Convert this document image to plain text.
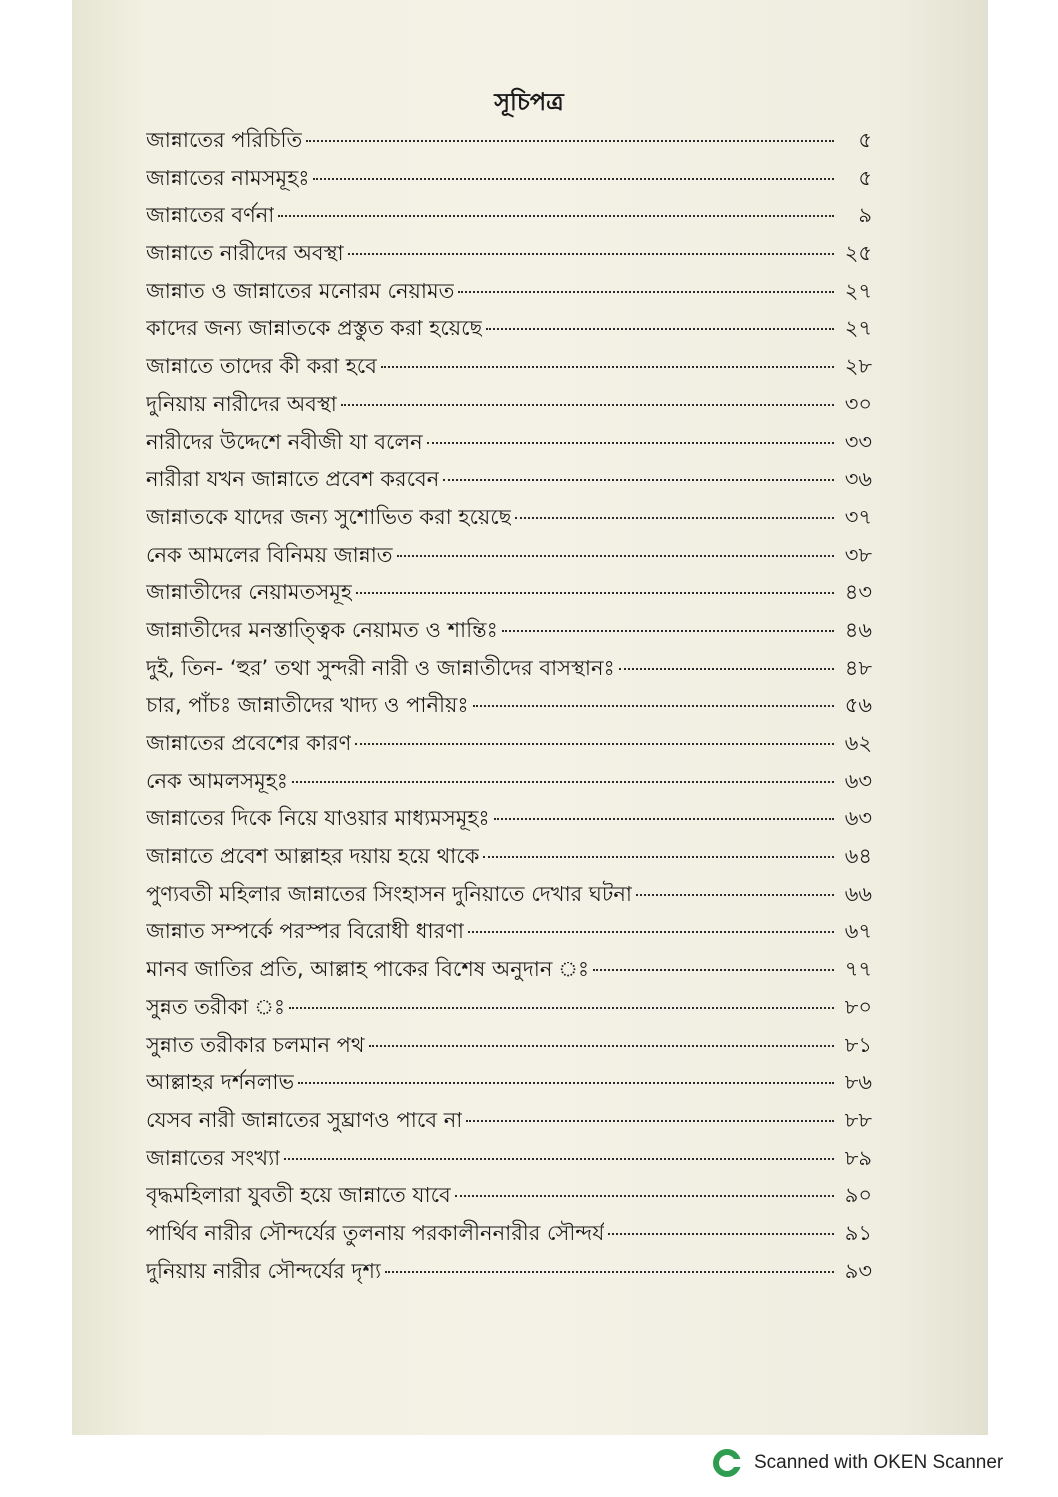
সূচিপত্র
জান্নাতের পরিচিতি	৫
জান্নাতের নামসমূহঃ	৫
জান্নাতের বর্ণনা	৯
জান্নাতে নারীদের অবস্থা	২৫
জান্নাত ও জান্নাতের মনোরম নেয়ামত	২৭
কাদের জন্য জান্নাতকে প্রস্তুত করা হয়েছে	২৭
জান্নাতে তাদের কী করা হবে	২৮
দুনিয়ায় নারীদের অবস্থা	৩০
নারীদের উদ্দেশে নবীজী যা বলেন	৩৩
নারীরা যখন জান্নাতে প্রবেশ করবেন	৩৬
জান্নাতকে যাদের জন্য সুশোভিত করা হয়েছে	৩৭
নেক আমলের বিনিময় জান্নাত	৩৮
জান্নাতীদের নেয়ামতসমূহ	৪৩
জান্নাতীদের মনস্তাত্ত্বিক নেয়ামত ও শান্তিঃ	৪৬
দুই, তিন- ‘হুর’ তথা সুন্দরী নারী ও জান্নাতীদের বাসস্থানঃ	৪৮
চার, পাঁচঃ জান্নাতীদের খাদ্য ও পানীয়ঃ	৫৬
জান্নাতের প্রবেশের কারণ	৬২
নেক আমলসমূহঃ	৬৩
জান্নাতের দিকে নিয়ে যাওয়ার মাধ্যমসমূহঃ	৬৩
জান্নাতে প্রবেশ আল্লাহর দয়ায় হয়ে থাকে	৬৪
পুণ্যবতী মহিলার জান্নাতের সিংহাসন দুনিয়াতে দেখার ঘটনা	৬৬
জান্নাত সম্পর্কে পরস্পর বিরোধী ধারণা	৬৭
মানব জাতির প্রতি, আল্লাহ পাকের বিশেষ অনুদান ঃ	৭৭
সুন্নত তরীকা ঃ	৮০
সুন্নাত তরীকার চলমান পথ	৮১
আল্লাহর দর্শনলাভ	৮৬
যেসব নারী জান্নাতের সুঘ্রাণও পাবে না	৮৮
জান্নাতের সংখ্যা	৮৯
বৃদ্ধমহিলারা যুবতী হয়ে জান্নাতে যাবে	৯০
পার্থিব নারীর সৌন্দর্যের তুলনায় পরকালীননারীর সৌন্দর্য	৯১
দুনিয়ায় নারীর সৌন্দর্যের দৃশ্য	৯৩
Scanned with OKEN Scanner
